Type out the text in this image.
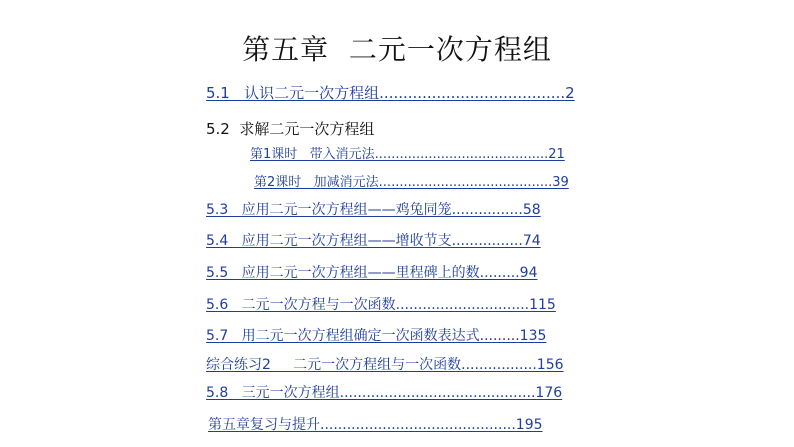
第五章  二元一次方程组
5.1   认识二元一次方程组.......................................2
5.2  求解二元一次方程组
第1课时   带入消元法..........................................21
第2课时   加减消元法..........................................39
5.3   应用二元一次方程组——鸡兔同笼................58
5.4   应用二元一次方程组——增收节支................74
5.5   应用二元一次方程组——里程碑上的数.........94
5.6   二元一次方程与一次函数..............................115
5.7   用二元一次方程组确定一次函数表达式.........135
综合练习2     二元一次方程组与一次函数.................156
5.8   三元一次方程组............................................176
第五章复习与提升............................................195
